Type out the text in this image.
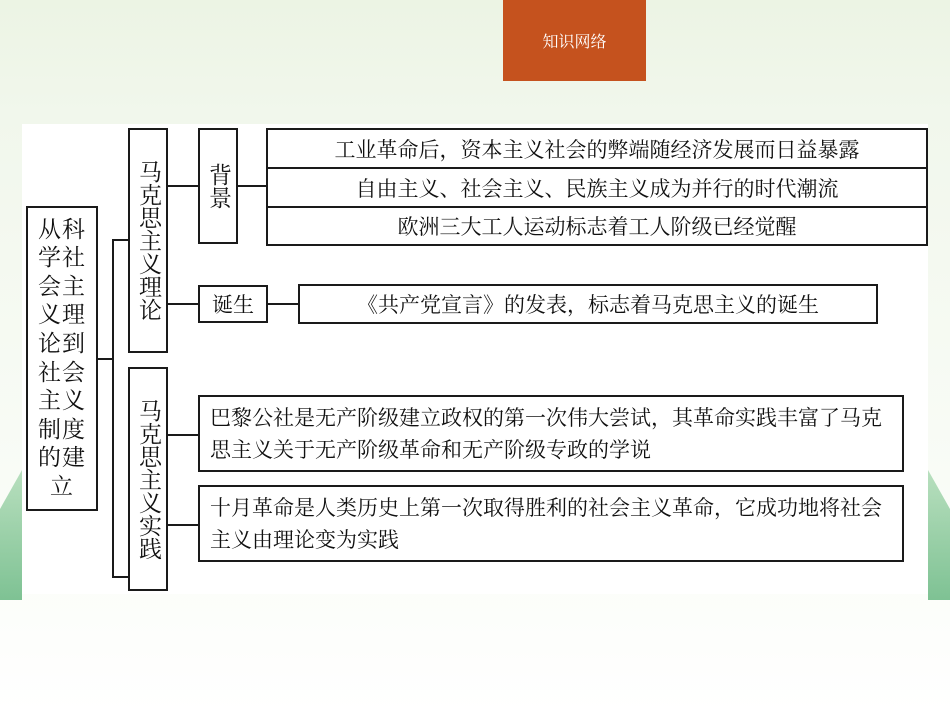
知识网络
从科学社会主义理论到社会主义制度的建立
马克思主义理论 背景
工业革命后，资本主义社会的弊端随经济发展而日益暴露
自由主义、社会主义、民族主义成为并行的时代潮流
欧洲三大工人运动标志着工人阶级已经觉醒
诞生	《共产党宣言》的发表，标志着马克思主义的诞生
马克思主义实践 巴黎公社是无产阶级建立政权的第一次伟大尝试，其革命实践丰富了马克思主义关于无产阶级革命和无产阶级专政的学说
十月革命是人类历史上第一次取得胜利的社会主义革命，它成功地将社会主义由理论变为实践
